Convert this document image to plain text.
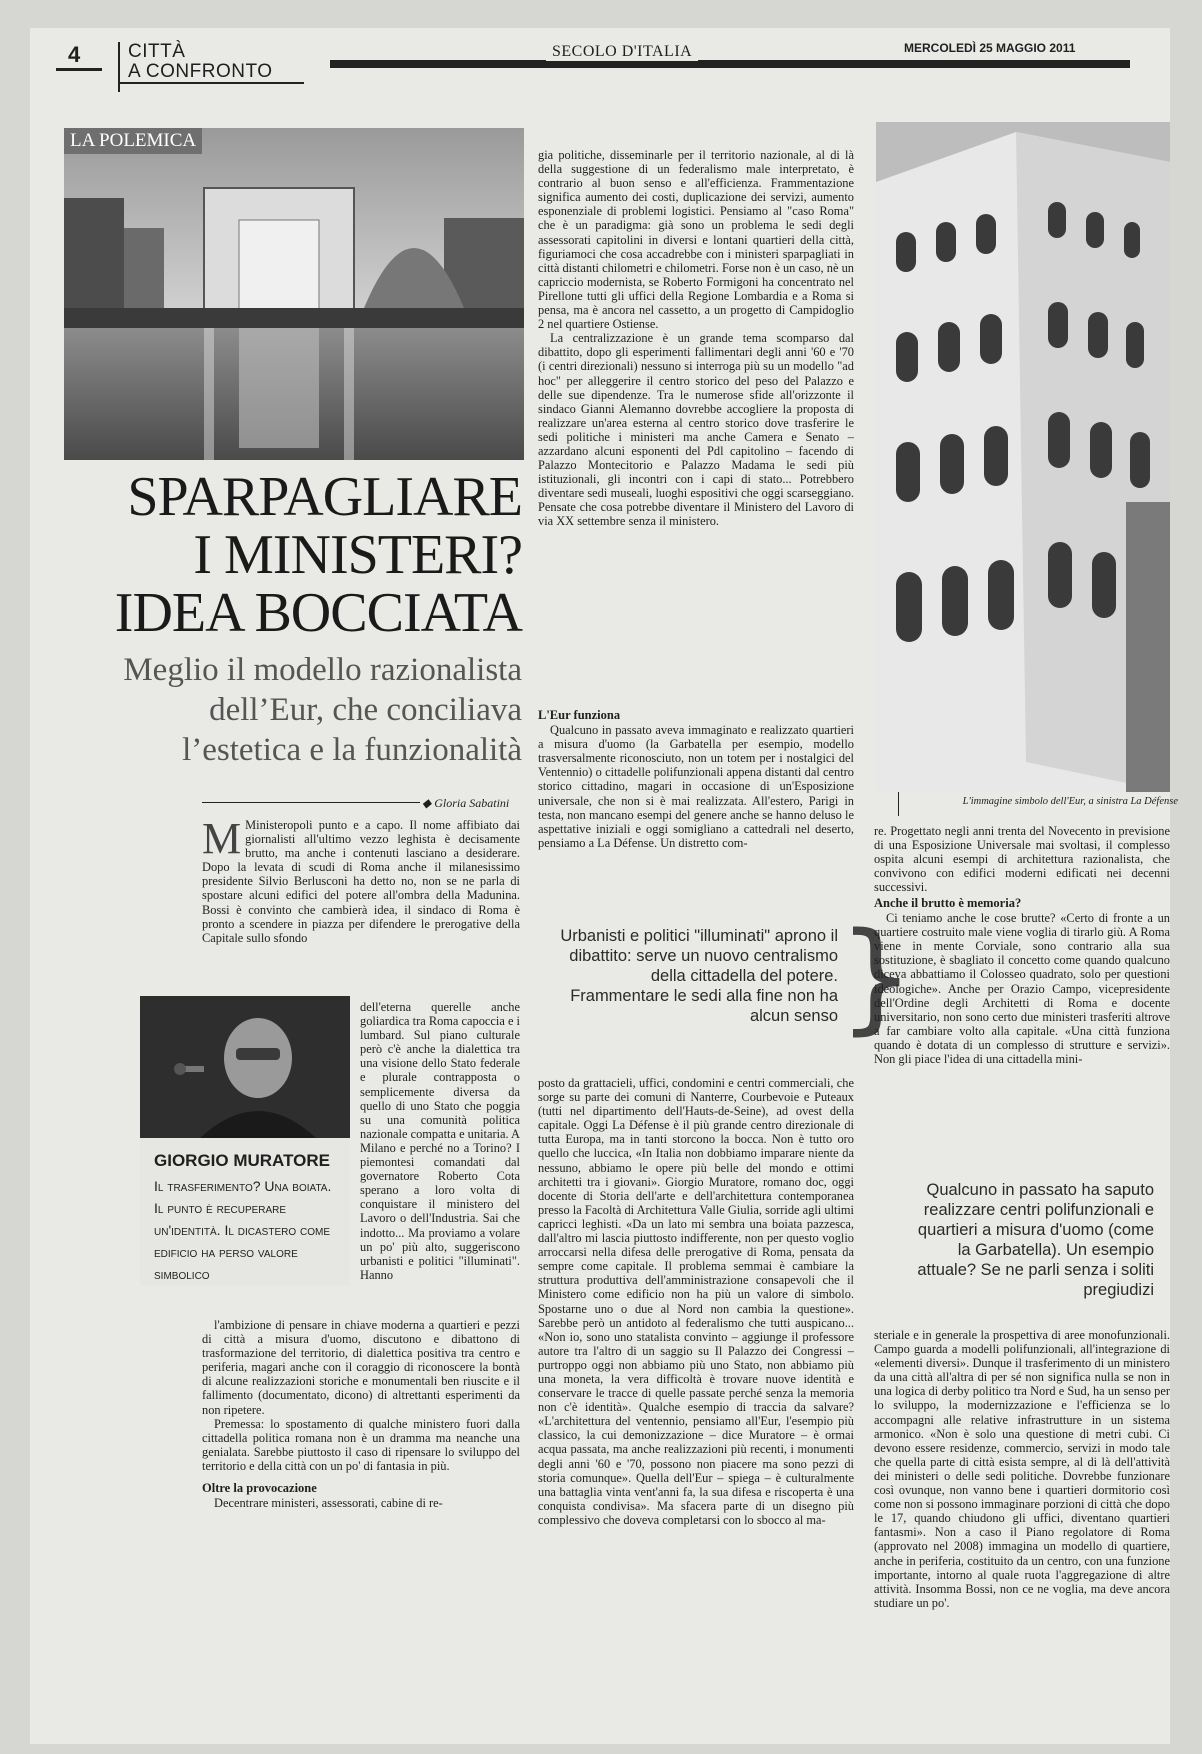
4	CITTÀ
A CONFRONTO
SECOLO D'ITALIA	MERCOLEDÌ 25 MAGGIO 2011
LA POLEMICA
SPARPAGLIARE
I MINISTERI?
IDEA BOCCIATA
Meglio il modello razionalista
dell’Eur, che conciliava
l’estetica e la funzionalità
◆ Gloria Sabatini
M Ministeropoli punto e a capo. Il nome affibiato dai giornalisti all'ultimo vezzo leghista è decisamente brutto, ma anche i contenuti lasciano a desiderare. Dopo la levata di scudi di Roma anche il milanesissimo presidente Silvio Berlusconi ha detto no, non se ne parla di spostare alcuni edifici del potere all'ombra della Madunina. Bossi è convinto che cambierà idea, il sindaco di Roma è pronto a scendere in piazza per difendere le prerogative della Capitale sullo sfondo
GIORGIO MURATORE
Il trasferimento? Una boiata. Il punto è recuperare un'identità. Il dicastero come edificio ha perso valore simbolico
dell'eterna querelle anche goliardica tra Roma capoccia e i lumbard. Sul piano culturale però c'è anche la dialettica tra una visione dello Stato federale e plurale contrapposta o semplicemente diversa da quello di uno Stato che poggia su una comunità politica nazionale compatta e unitaria. A Milano e perché no a Torino? I piemontesi comandati dal governatore Roberto Cota sperano a loro volta di conquistare il ministero del Lavoro o dell'Industria. Sai che indotto... Ma proviamo a volare un po' più alto, suggeriscono urbanisti e politici "illuminati". Hanno

l'ambizione di pensare in chiave moderna a quartieri e pezzi di città a misura d'uomo, discutono e dibattono di trasformazione del territorio, di dialettica positiva tra centro e periferia, magari anche con il coraggio di riconoscere la bontà di alcune realizzazioni storiche e monumentali ben riuscite e il fallimento (documentato, dicono) di altrettanti esperimenti da non ripetere.

Premessa: lo spostamento di qualche ministero fuori dalla cittadella politica romana non è un dramma ma neanche una genialata. Sarebbe piuttosto il caso di ripensare lo sviluppo del territorio e della città con un po' di fantasia in più.

Oltre la provocazione

Decentrare ministeri, assessorati, cabine di re-

gia politiche, disseminarle per il territorio nazionale, al di là della suggestione di un federalismo male interpretato, è contrario al buon senso e all'efficienza. Frammentazione significa aumento dei costi, duplicazione dei servizi, aumento esponenziale di problemi logistici. Pensiamo al "caso Roma" che è un paradigma: già sono un problema le sedi degli assessorati capitolini in diversi e lontani quartieri della città, figuriamoci che cosa accadrebbe con i ministeri sparpagliati in città distanti chilometri e chilometri. Forse non è un caso, nè un capriccio modernista, se Roberto Formigoni ha concentrato nel Pirellone tutti gli uffici della Regione Lombardia e a Roma si pensa, ma è ancora nel cassetto, a un progetto di Campidoglio 2 nel quartiere Ostiense.

La centralizzazione è un grande tema scomparso dal dibattito, dopo gli esperimenti fallimentari degli anni '60 e '70 (i centri direzionali) nessuno si interroga più su un modello "ad hoc" per alleggerire il centro storico del peso del Palazzo e delle sue dipendenze. Tra le numerose sfide all'orizzonte il sindaco Gianni Alemanno dovrebbe accogliere la proposta di realizzare un'area esterna al centro storico dove trasferire le sedi politiche i ministeri ma anche Camera e Senato – azzardano alcuni esponenti del Pdl capitolino – facendo di Palazzo Montecitorio e Palazzo Madama le sedi più istituzionali, gli incontri con i capi di stato... Potrebbero diventare sedi museali, luoghi espositivi che oggi scarseggiano. Pensate che cosa potrebbe diventare il Ministero del Lavoro di via XX settembre senza il ministero.

L'Eur funziona

Qualcuno in passato aveva immaginato e realizzato quartieri a misura d'uomo (la Garbatella per esempio, modello trasversalmente riconosciuto, non un totem per i nostalgici del Ventennio) o cittadelle polifunzionali appena distanti dal centro storico cittadino, magari in occasione di un'Esposizione universale, che non si è mai realizzata. All'estero, Parigi in testa, non mancano esempi del genere anche se hanno deluso le aspettative iniziali e oggi somigliano a cattedrali nel deserto, pensiamo a La Défense. Un distretto com-

Urbanisti e politici "illuminati" aprono il dibattito: serve un nuovo centralismo della cittadella del potere. Frammentare le sedi alla fine non ha alcun senso }
posto da grattacieli, uffici, condomini e centri commerciali, che sorge su parte dei comuni di Nanterre, Courbevoie e Puteaux (tutti nel dipartimento dell'Hauts-de-Seine), ad ovest della capitale. Oggi La Défense è il più grande centro direzionale di tutta Europa, ma in tanti storcono la bocca. Non è tutto oro quello che luccica, «In Italia non dobbiamo imparare niente da nessuno, abbiamo le opere più belle del mondo e ottimi architetti tra i giovani». Giorgio Muratore, romano doc, oggi docente di Storia dell'arte e dell'architettura contemporanea presso la Facoltà di Architettura Valle Giulia, sorride agli ultimi capricci leghisti. «Da un lato mi sembra una boiata pazzesca, dall'altro mi lascia piuttosto indifferente, non per questo voglio arroccarsi nella difesa delle prerogative di Roma, pensata da sempre come capitale. Il problema semmai è cambiare la struttura produttiva dell'amministrazione consapevoli che il Ministero come edificio non ha più un valore di simbolo. Spostarne uno o due al Nord non cambia la questione». Sarebbe però un antidoto al federalismo che tutti auspicano... «Non io, sono uno statalista convinto – aggiunge il professore autore tra l'altro di un saggio su Il Palazzo dei Congressi – purtroppo oggi non abbiamo più uno Stato, non abbiamo più una moneta, la vera difficoltà è trovare nuove identità e conservare le tracce di quelle passate perché senza la memoria non c'è identità». Qualche esempio di traccia da salvare? «L'architettura del ventennio, pensiamo all'Eur, l'esempio più classico, la cui demonizzazione – dice Muratore – è ormai acqua passata, ma anche realizzazioni più recenti, i monumenti degli anni '60 e '70, possono non piacere ma sono pezzi di storia comunque». Quella dell'Eur – spiega – è culturalmente una battaglia vinta vent'anni fa, la sua difesa e riscoperta è una conquista condivisa». Ma sfacera parte di un disegno più complessivo che doveva completarsi con lo sbocco al ma-
L'immagine simbolo dell'Eur, a sinistra La Défense
re. Progettato negli anni trenta del Novecento in previsione di una Esposizione Universale mai svoltasi, il complesso ospita alcuni esempi di architettura razionalista, che convivono con edifici moderni edificati nei decenni successivi.
Anche il brutto è memoria?

Ci teniamo anche le cose brutte? «Certo di fronte a un quartiere costruito male viene voglia di tirarlo giù. A Roma viene in mente Corviale, sono contrario alla sua sostituzione, è sbagliato il concetto come quando qualcuno diceva abbattiamo il Colosseo quadrato, solo per questioni ideologiche». Anche per Orazio Campo, vicepresidente dell'Ordine degli Architetti di Roma e docente universitario, non sono certo due ministeri trasferiti altrove a far cambiare volto alla capitale. «Una città funziona quando è dotata di un complesso di strutture e servizi». Non gli piace l'idea di una cittadella mini-

Qualcuno in passato ha saputo realizzare centri polifunzionali e quartieri a misura d'uomo (come la Garbatella). Un esempio attuale? Se ne parli senza i soliti pregiudizi
steriale e in generale la prospettiva di aree monofunzionali. Campo guarda a modelli polifunzionali, all'integrazione di «elementi diversi». Dunque il trasferimento di un ministero da una città all'altra di per sé non significa nulla se non in una logica di derby politico tra Nord e Sud, ha un senso per lo sviluppo, la modernizzazione e l'efficienza se lo accompagni alle relative infrastrutture in un sistema armonico. «Non è solo una questione di metri cubi. Ci devono essere residenze, commercio, servizi in modo tale che quella parte di città esista sempre, al di là dell'attività dei ministeri o delle sedi politiche. Dovrebbe funzionare così ovunque, non vanno bene i quartieri dormitorio così come non si possono immaginare porzioni di città che dopo le 17, quando chiudono gli uffici, diventano quartieri fantasmi». Non a caso il Piano regolatore di Roma (approvato nel 2008) immagina un modello di quartiere, anche in periferia, costituito da un centro, con una funzione importante, intorno al quale ruota l'aggregazione di altre attività. Insomma Bossi, non ce ne voglia, ma deve ancora studiare un po'.
